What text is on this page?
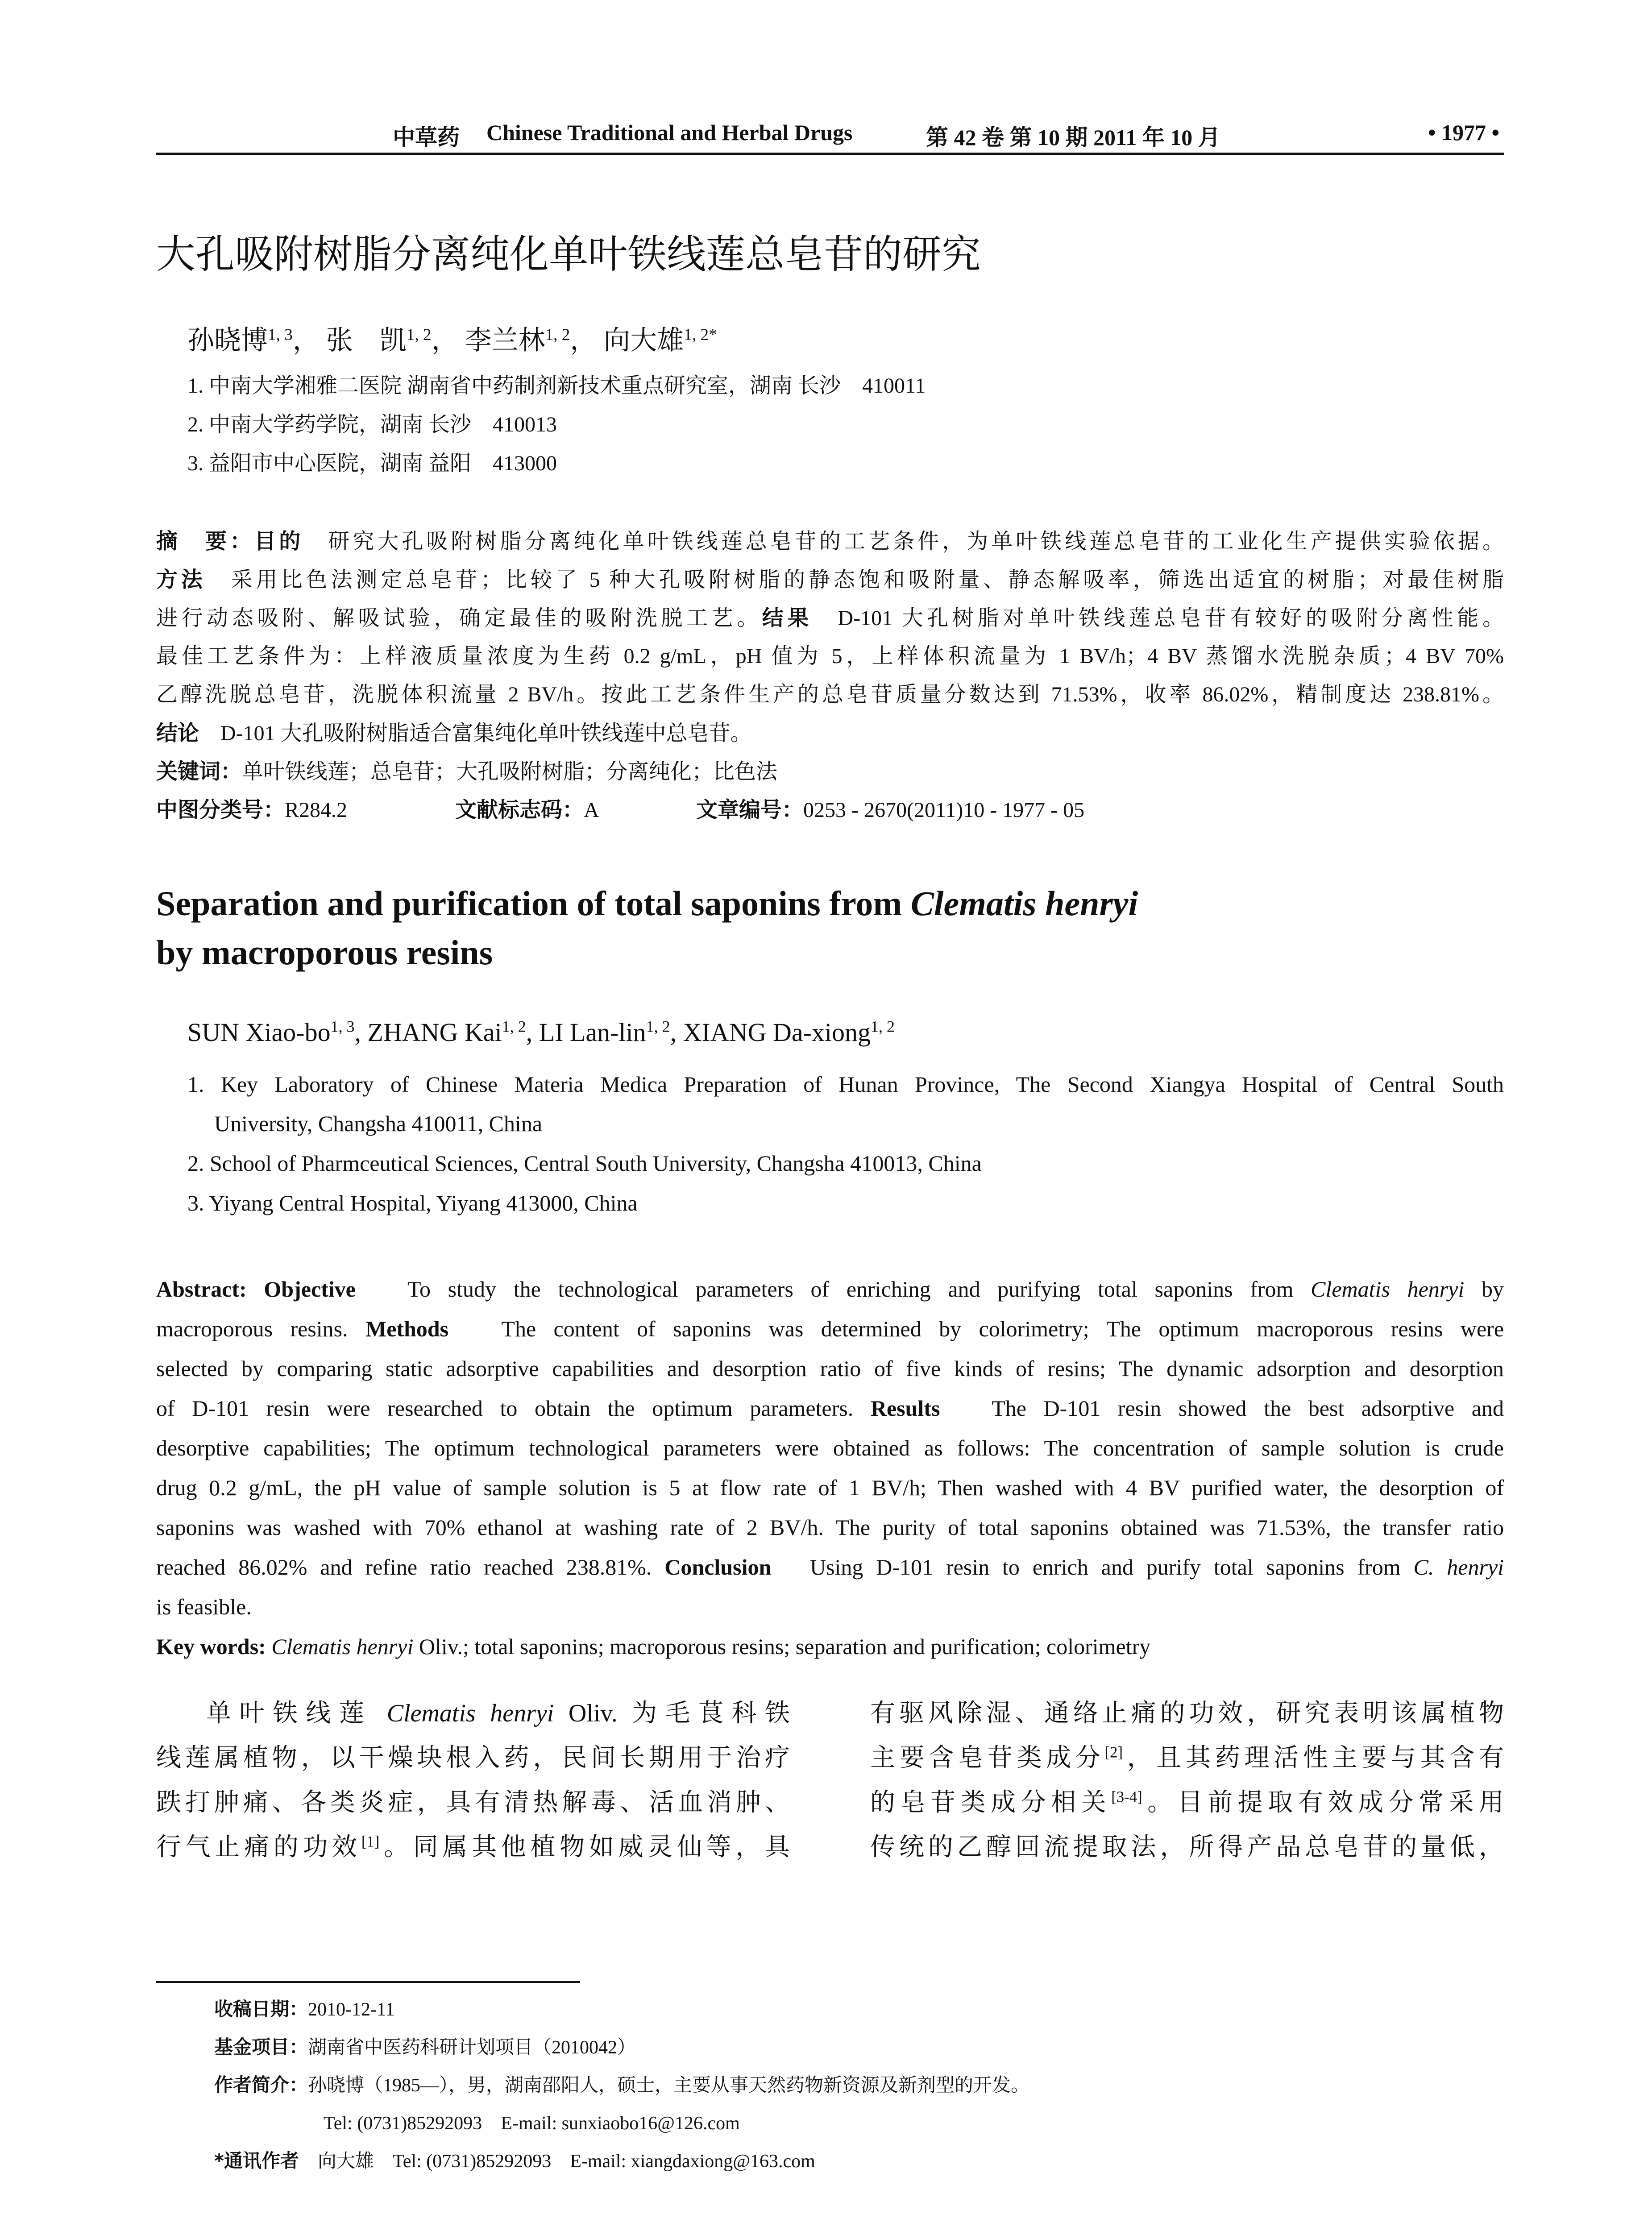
中草药 Chinese Traditional and Herbal Drugs	第 42 卷 第 10 期 2011 年 10 月	• 1977 •
大孔吸附树脂分离纯化单叶铁线莲总皂苷的研究
孙晓博$^{1, 3}$， 张　凯$^{1, 2}$， 李兰林$^{1, 2}$， 向大雄$^{1, 2*}$
1. 中南大学湘雅二医院 湖南省中药制剂新技术重点研究室，湖南 长沙　410011
2. 中南大学药学院，湖南 长沙　410013
3. 益阳市中心医院，湖南 益阳　413000
摘　要：目的　 研究大孔吸附树脂分离纯化单叶铁线莲总皂苷的工艺条件，为单叶铁线莲总皂苷的工业化生产提供实验依据。
方法　 采用比色法测定总皂苷；比较了 5 种大孔吸附树脂的静态饱和吸附量、静态解吸率，筛选出适宜的树脂；对最佳树脂
进行动态吸附、解吸试验，确定最佳的吸附洗脱工艺。结果　 D-101 大孔树脂对单叶铁线莲总皂苷有较好的吸附分离性能。
最佳工艺条件为：上样液质量浓度为生药 0.2 g/mL，pH 值为 5，上样体积流量为 1 BV/h；4 BV 蒸馏水洗脱杂质；4 BV 70%
乙醇洗脱总皂苷，洗脱体积流量 2 BV/h。按此工艺条件生产的总皂苷质量分数达到 71.53%，收率 86.02%，精制度达 238.81%。
结论　 D-101 大孔吸附树脂适合富集纯化单叶铁线莲中总皂苷。
关键词：单叶铁线莲；总皂苷；大孔吸附树脂；分离纯化；比色法
中图分类号：R284.2	文献标志码：A	文章编号：0253 - 2670(2011)10 - 1977 - 05
Separation and purification of total saponins from Clematis henryi
by macroporous resins
SUN Xiao-bo$^{1, 3}$, ZHANG Kai$^{1, 2}$, LI Lan-lin$^{1, 2}$, XIANG Da-xiong$^{1, 2}$
1. Key Laboratory of Chinese Materia Medica Preparation of Hunan Province, The Second Xiangya Hospital of Central South
University, Changsha 410011, China
2. School of Pharmceutical Sciences, Central South University, Changsha 410013, China
3. Yiyang Central Hospital, Yiyang 413000, China
Abstract: Objective To study the technological parameters of enriching and purifying total saponins from Clematis henryi by
macroporous resins. Methods The content of saponins was determined by colorimetry; The optimum macroporous resins were
selected by comparing static adsorptive capabilities and desorption ratio of five kinds of resins; The dynamic adsorption and desorption
of D-101 resin were researched to obtain the optimum parameters. Results The D-101 resin showed the best adsorptive and
desorptive capabilities; The optimum technological parameters were obtained as follows: The concentration of sample solution is crude
drug 0.2 g/mL, the pH value of sample solution is 5 at flow rate of 1 BV/h; Then washed with 4 BV purified water, the desorption of
saponins was washed with 70% ethanol at washing rate of 2 BV/h. The purity of total saponins obtained was 71.53%, the transfer ratio
reached 86.02% and refine ratio reached 238.81%. Conclusion Using D-101 resin to enrich and purify total saponins from C. henryi
is feasible.
Key words: Clematis henryi Oliv.; total saponins; macroporous resins; separation and purification; colorimetry
单叶铁线莲 Clematis henryi Oliv. 为毛茛科铁
线莲属植物，以干燥块根入药，民间长期用于治疗
跌打肿痛、各类炎症，具有清热解毒、活血消肿、
行气止痛的功效[1]。同属其他植物如威灵仙等，具
有驱风除湿、通络止痛的功效，研究表明该属植物
主要含皂苷类成分[2]，且其药理活性主要与其含有
的皂苷类成分相关[3-4]。目前提取有效成分常采用
传统的乙醇回流提取法，所得产品总皂苷的量低，
收稿日期：2010-12-11
基金项目：湖南省中医药科研计划项目（2010042）
作者简介：孙晓博（1985—），男，湖南邵阳人，硕士，主要从事天然药物新资源及新剂型的开发。
Tel: (0731)85292093　E-mail: sunxiaobo16@126.com
*通讯作者　 向大雄　 Tel: (0731)85292093　E-mail: xiangdaxiong@163.com
